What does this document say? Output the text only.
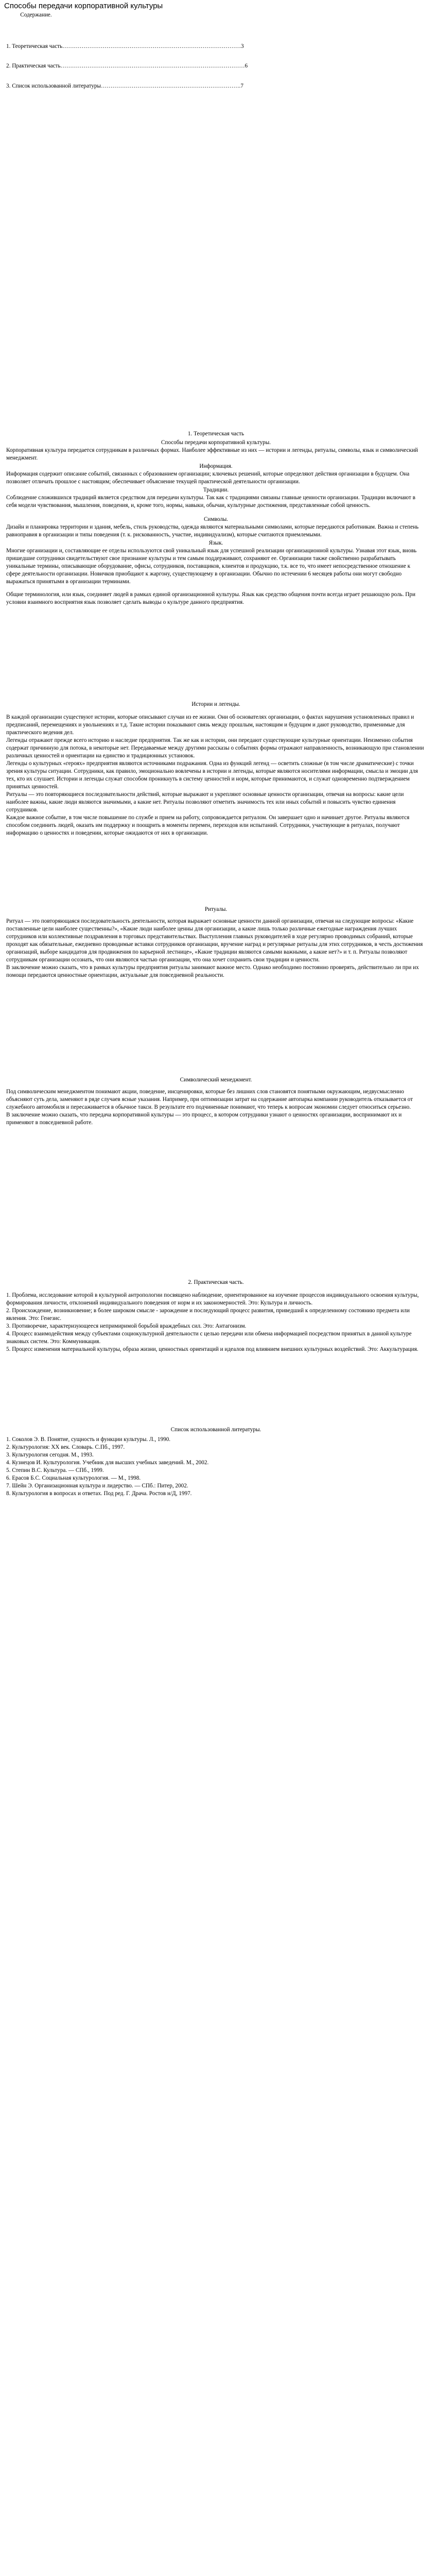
Способы передачи корпоративной культуры
Содержание.
1. Теоретическая часть…………………………………………………………………………………3
2. Практическая часть……………………………………………………………………………………6
3. Список использованной литературы……………………………………………………………….7

1. Теоретическая часть

Способы передачи корпоративной культуры.

Корпоративная культура передается сотрудникам в различных формах. Наиболее эффективные из них — истории и легенды, ритуалы, символы, язык и символический менеджмент.

Информация.

Информация содержит описание событий, связанных с образованием организации; ключевых решений, которые определяют действия организации в будущем. Она позволяет отличать прошлое с настоящим; обеспечивает объяснение текущей практической деятельности организации.

Традиции.

Соблюдение сложившихся традиций является средством для передачи культуры. Так как с традициями связаны главные ценности организации. Традиции включают в себя модели чувствования, мышления, поведения, и, кроме того, нормы, навыки, обычаи, культурные достижения, представленные собой ценность.

Символы.

Дизайн и планировка территории и здания, мебель, стиль руководства, одежда являются материальными символами, которые передаются работникам. Важна и степень равноправия в организации и типы поведения (т. к. рискованность, участие, индивидуализм), которые считаются приемлемыми.

Язык.

Многие организации и, составляющие ее отделы используются свой уникальный язык для успешной реализации организационной культуры. Узнавая этот язык, вновь пришедшие сотрудники свидетельствуют свое признание культуры и тем самым поддерживают, сохраняют ее. Организации также свойственно разрабатывать уникальные термины, описывающие оборудование, офисы, сотрудников, поставщиков, клиентов и продукцию, т.к. все то, что имеет непосредственное отношение к сфере деятельности организации. Новичков приобщают к жаргону, существующему в организации. Обычно по истечении 6 месяцев работы они могут свободно выражаться принятыми в организации терминами.

Общие терминология, или язык, соединяет людей в рамках единой организационной культуры. Язык как средство общения почти всегда играет решающую роль. При условии взаимного восприятия язык позволяет сделать выводы о культуре данного предприятия.

Истории и легенды.

В каждой организации существуют истории, которые описывают случаи из ее жизни. Они об основателях организации, о фактах нарушения установленных правил и предписаний, перемещениях и увольнениях и т.д. Такие истории показывают связь между прошлым, настоящим и будущим и дают руководство, применимые для практического ведения дел.

Легенды отражают прежде всего историю и наследие предприятия. Так же как и истории, они передают существующие культурные ориентации. Неизменно события содержат причинную для потока, в некоторые нет. Передаваемые между другими рассказы о событиях формы отражают направленность, возникающую при становлении различных ценностей и ориентации на единство и традиционных установок.

Легенды о культурных «героях» предприятия являются источниками подражания. Одна из функций легенд — осветить сложные (в том числе драматические) с точки зрения культуры ситуации. Сотрудники, как правило, эмоционально вовлечены в истории и легенды, которые являются носителями информации, смысла и эмоции для тех, кто их слушает. Истории и легенды служат способом проникнуть в систему ценностей и норм, которые принимаются, и служат одновременно подтверждением принятых ценностей.

Ритуалы — это повторяющиеся последовательности действий, которые выражают и укрепляют основные ценности организации, отвечая на вопросы: какие цели наиболее важны, какие люди являются значимыми, а какие нет. Ритуалы позволяют отметить значимость тех или иных событий и повысить чувство единения сотрудников.

Каждое важное событие, в том числе повышение по службе и прием на работу, сопровождается ритуалом. Он завершает одно и начинает другое. Ритуалы являются способом соединить людей, оказать им поддержку и поощрить в моменты перемен, переходов или испытаний. Сотрудники, участвующие в ритуалах, получают информацию о ценностях и поведении, которые ожидаются от них в организации.

Ритуалы.

Ритуал — это повторяющаяся последовательность деятельности, которая выражает основные ценности данной организации, отвечая на следующие вопросы: «Какие поставленные цели наиболее существенны?», «Какие люди наиболее ценны для организации, а какие лишь только различные ежегодные награждения лучших сотрудников или коллективные поздравления в торговых представительствах. Выступления главных руководителей в ходе регулярно проводимых собраний, которые проходят как обязательные, ежедневно проводимые вставки сотрудников организации, вручение наград и регулярные ритуалы для этих сотрудников, в честь достижения организаций, выборе кандидатов для продвижения по карьерной лестнице», «Какие традиции являются самыми важными, а какие нет?» и т. п. Ритуалы позволяют сотрудникам организации осознать, что они являются частью организации, что она хочет сохранить свои традиции и ценности.

В заключение можно сказать, что в рамках культуры предприятия ритуалы занимают важное место. Однако необходимо постоянно проверять, действительно ли при их помощи передаются ценностные ориентации, актуальные для повседневной реальности.

Символический менеджмент.

Под символическим менеджментом понимают акции, поведение, инсценировки, которые без лишних слов становятся понятными окружающим, недвусмысленно объясняют суть дела, заменяют в ряде случаев ясные указания. Например, при оптимизации затрат на содержание автопарка компании руководитель отказывается от служебного автомобиля и пересаживается в обычное такси. В результате его подчиненные понимают, что теперь к вопросам экономии следует относиться серьезно.

В заключение можно сказать, что передача корпоративной культуры — это процесс, в котором сотрудники узнают о ценностях организации, воспринимают их и применяют в повседневной работе.

2. Практическая часть.

1. Проблема, исследование которой в культурной антропологии посвящено наблюдение, ориентированное на изучение процессов индивидуального освоения культуры, формирования личности, отклонений индивидуального поведения от норм и их закономерностей. Это: Культура и личность.

2. Происхождение, возникновение; в более широком смысле - зарождение и последующий процесс развития, приведший к определенному состоянию предмета или явления. Это: Генезис.

3. Противоречие, характеризующееся непримиримой борьбой враждебных сил. Это: Антагонизм.

4. Процесс взаимодействия между субъектами социокультурной деятельности с целью передачи или обмена информацией посредством принятых в данной культуре знаковых систем. Это: Коммуникация.

5. Процесс изменения материальной культуры, образа жизни, ценностных ориентаций и идеалов под влиянием внешних культурных воздействий. Это: Аккультурация.

Список использованной литературы.

1. Соколов Э. В. Понятие, сущность и функции культуры. Л., 1990.

2. Культурология: XX век. Словарь. С.Пб., 1997.

3. Культурология сегодня. М., 1993.

4. Кузнецов И. Культурология. Учебник для высших учебных заведений. М., 2002.

5. Степин В.С. Культура. — СПб., 1999.

6. Ерасов Б.С. Социальная культурология. — М., 1998.

7. Шейн Э. Организационная культура и лидерство. — СПб.: Питер, 2002.

8. Культурология в вопросах и ответах. Под ред. Г. Драча. Ростов н/Д, 1997.
